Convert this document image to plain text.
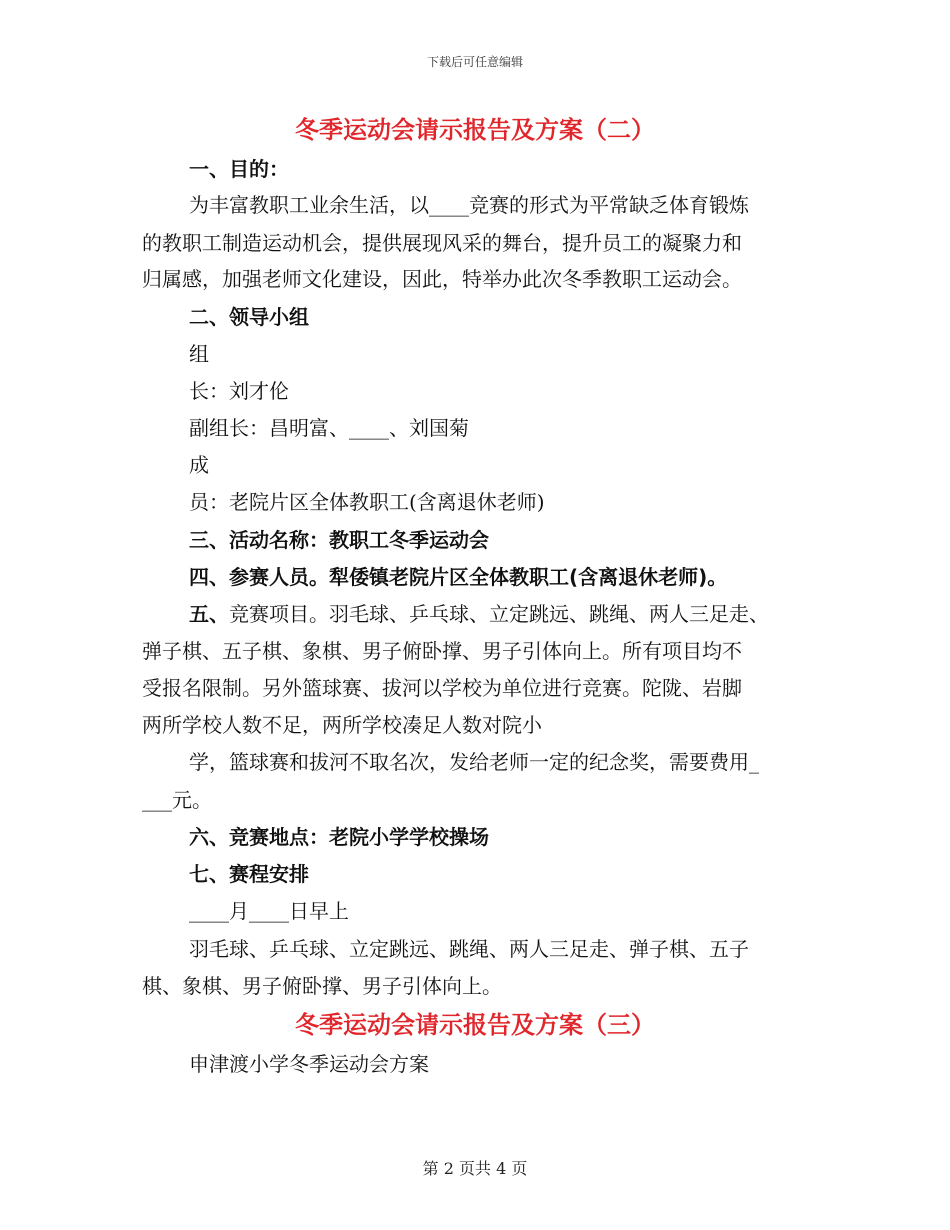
下载后可任意编辑
冬季运动会请示报告及方案（二）
一、目的：
为丰富教职工业余生活，以____竞赛的形式为平常缺乏体育锻炼
的教职工制造运动机会，提供展现风采的舞台，提升员工的凝聚力和
归属感，加强老师文化建设，因此，特举办此次冬季教职工运动会。
二、领导小组
组
长：刘才伦
副组长：昌明富、____、刘国菊
成
员：老院片区全体教职工(含离退休老师)
三、活动名称：教职工冬季运动会
四、参赛人员。犁倭镇老院片区全体教职工(含离退休老师)。
五、竞赛项目。羽毛球、乒乓球、立定跳远、跳绳、两人三足走、
弹子棋、五子棋、象棋、男子俯卧撑、男子引体向上。所有项目均不
受报名限制。另外篮球赛、拔河以学校为单位进行竞赛。陀陇、岩脚
两所学校人数不足，两所学校凑足人数对院小
学，篮球赛和拔河不取名次，发给老师一定的纪念奖，需要费用_
___元。
六、竞赛地点：老院小学学校操场
七、赛程安排
____月____日早上
羽毛球、乒乓球、立定跳远、跳绳、两人三足走、弹子棋、五子
棋、象棋、男子俯卧撑、男子引体向上。
冬季运动会请示报告及方案（三）
申津渡小学冬季运动会方案
第 2 页共 4 页
